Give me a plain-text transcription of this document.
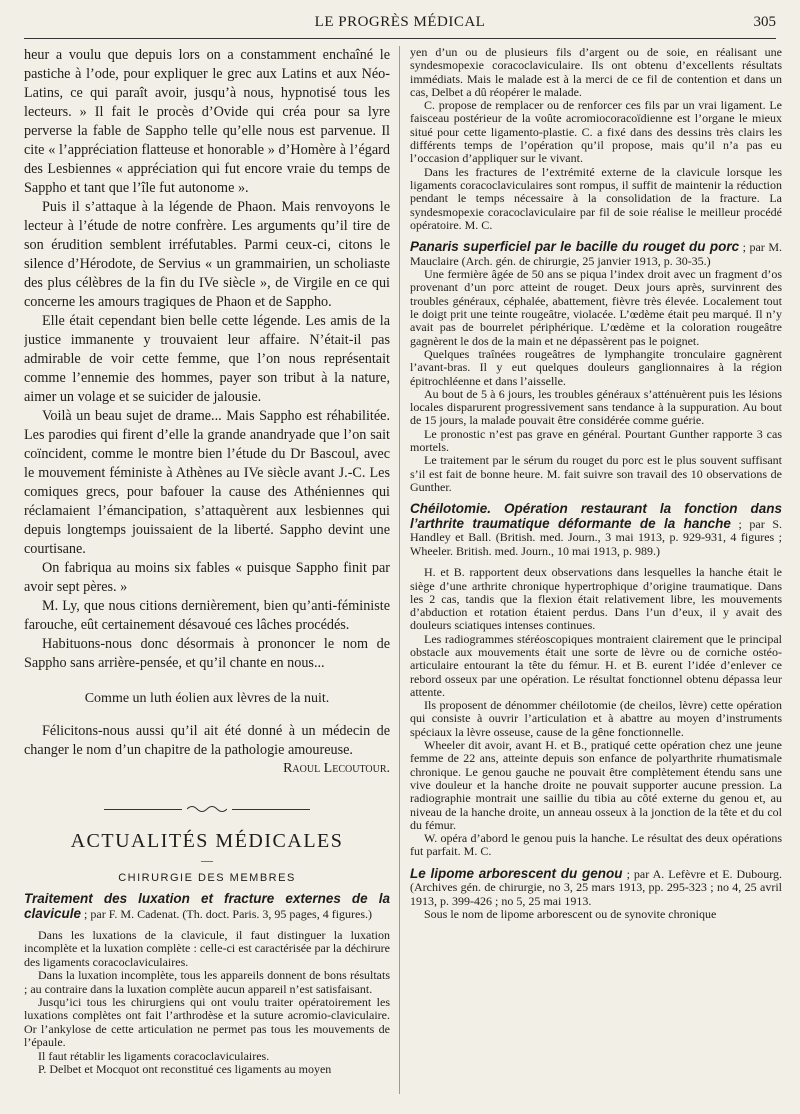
LE PROGRÈS MÉDICAL	305

heur a voulu que depuis lors on a constamment enchaîné le pastiche à l’ode, pour expliquer le grec aux Latins et aux Néo-Latins, ce qui paraît avoir, jusqu’à nous, hypnotisé tous les lecteurs. » Il fait le procès d’Ovide qui créa pour sa lyre perverse la fable de Sappho telle qu’elle nous est parvenue. Il cite « l’appréciation flatteuse et honorable » d’Homère à l’égard des Lesbiennes « appréciation qui fut encore vraie du temps de Sappho et tant que l’île fut autonome ».

Puis il s’attaque à la légende de Phaon. Mais renvoyons le lecteur à l’étude de notre confrère. Les arguments qu’il tire de son érudition semblent irréfutables. Parmi ceux-ci, citons le silence d’Hérodote, de Servius « un grammairien, un scholiaste des plus célèbres de la fin du IVe siècle », de Virgile en ce qui concerne les amours tragiques de Phaon et de Sappho.

Elle était cependant bien belle cette légende. Les amis de la justice immanente y trouvaient leur affaire. N’était-il pas admirable de voir cette femme, que l’on nous représentait comme l’ennemie des hommes, payer son tribut à la nature, aimer un volage et se suicider de jalousie.

Voilà un beau sujet de drame... Mais Sappho est réhabilitée. Les parodies qui firent d’elle la grande anandryade que l’on sait coïncident, comme le montre bien l’étude du Dr Bascoul, avec le mouvement féministe à Athènes au IVe siècle avant J.-C. Les comiques grecs, pour bafouer la cause des Athéniennes qui réclamaient l’émancipation, s’attaquèrent aux lesbiennes qui depuis longtemps jouissaient de la liberté. Sappho devint une courtisane.

On fabriqua au moins six fables « puisque Sappho finit par avoir sept pères. »

M. Ly, que nous citions dernièrement, bien qu’anti-féministe farouche, eût certainement désavoué ces lâches procédés.

Habituons-nous donc désormais à prononcer le nom de Sappho sans arrière-pensée, et qu’il chante en nous...

Comme un luth éolien aux lèvres de la nuit.

Félicitons-nous aussi qu’il ait été donné à un médecin de changer le nom d’un chapitre de la pathologie amoureuse.

Raoul Lecoutour.

ACTUALITÉS MÉDICALES
—
CHIRURGIE DES MEMBRES

Traitement des luxation et fracture externes de la clavicule ; par F. M. Cadenat. (Th. doct. Paris. 3, 95 pages, 4 figures.)

Dans les luxations de la clavicule, il faut distinguer la luxation incomplète et la luxation complète : celle-ci est caractérisée par la déchirure des ligaments coracoclaviculaires.

Dans la luxation incomplète, tous les appareils donnent de bons résultats ; au contraire dans la luxation complète aucun appareil n’est satisfaisant.

Jusqu’ici tous les chirurgiens qui ont voulu traiter opératoirement les luxations complètes ont fait l’arthrodèse et la suture acromio-claviculaire. Or l’ankylose de cette articulation ne permet pas tous les mouvements de l’épaule.

Il faut rétablir les ligaments coracoclaviculaires.

P. Delbet et Mocquot ont reconstitué ces ligaments au moyen

yen d’un ou de plusieurs fils d’argent ou de soie, en réalisant une syndesmopexie coracoclaviculaire. Ils ont obtenu d’excellents résultats immédiats. Mais le malade est à la merci de ce fil de contention et dans un cas, Delbet a dû réopérer le malade.

C. propose de remplacer ou de renforcer ces fils par un vrai ligament. Le faisceau postérieur de la voûte acromiocoracoïdienne est l’organe le mieux situé pour cette ligamento-plastie. C. a fixé dans des dessins très clairs les différents temps de l’opération qu’il propose, mais qu’il n’a pas eu l’occasion d’appliquer sur le vivant.

Dans les fractures de l’extrémité externe de la clavicule lorsque les ligaments coracoclaviculaires sont rompus, il suffit de maintenir la réduction pendant le temps nécessaire à la consolidation de la fracture. La syndesmopexie coracoclaviculaire par fil de soie réalise le meilleur procédé opératoire. M. C.

Panaris superficiel par le bacille du rouget du porc ; par M. Mauclaire (Arch. gén. de chirurgie, 25 janvier 1913, p. 30-35.)

Une fermière âgée de 50 ans se piqua l’index droit avec un fragment d’os provenant d’un porc atteint de rouget. Deux jours après, survinrent des troubles généraux, céphalée, abattement, fièvre très élevée. Localement tout le doigt prit une teinte rougeâtre, violacée. L’œdème était peu marqué. Il n’y avait pas de bourrelet périphérique. L’œdème et la coloration rougeâtre gagnèrent le dos de la main et ne dépassèrent pas le poignet.

Quelques traînées rougeâtres de lymphangite tronculaire gagnèrent l’avant-bras. Il y eut quelques douleurs ganglionnaires à la région épitrochléenne et dans l’aisselle.

Au bout de 5 à 6 jours, les troubles généraux s’atténuèrent puis les lésions locales disparurent progressivement sans tendance à la suppuration. Au bout de 15 jours, la malade pouvait être considérée comme guérie.

Le pronostic n’est pas grave en général. Pourtant Gunther rapporte 3 cas mortels.

Le traitement par le sérum du rouget du porc est le plus souvent suffisant s’il est fait de bonne heure. M. fait suivre son travail des 10 observations de Gunther.

Chéilotomie. Opération restaurant la fonction dans l’arthrite traumatique déformante de la hanche ; par S. Handley et Ball. (British. med. Journ., 3 mai 1913, p. 929-931, 4 figures ; Wheeler. British. med. Journ., 10 mai 1913, p. 989.)

H. et B. rapportent deux observations dans lesquelles la hanche était le siège d’une arthrite chronique hypertrophique d’origine traumatique. Dans les 2 cas, tandis que la flexion était relativement libre, les mouvements d’abduction et rotation étaient perdus. Dans l’un d’eux, il y avait des douleurs sciatiques intenses continues.

Les radiogrammes stéréoscopiques montraient clairement que le principal obstacle aux mouvements était une sorte de lèvre ou de corniche ostéo-articulaire entourant la tête du fémur. H. et B. eurent l’idée d’enlever ce rebord osseux par une opération. Le résultat fonctionnel obtenu dépassa leur attente.

Ils proposent de dénommer chéilotomie (de cheilos, lèvre) cette opération qui consiste à ouvrir l’articulation et à abattre au moyen d’instruments spéciaux la lèvre osseuse, cause de la gêne fonctionnelle.

Wheeler dit avoir, avant H. et B., pratiqué cette opération chez une jeune femme de 22 ans, atteinte depuis son enfance de polyarthrite rhumatismale chronique. Le genou gauche ne pouvait être complètement étendu sans une vive douleur et la hanche droite ne pouvait supporter aucune pression. La radiographie montrait une saillie du tibia au côté externe du genou et, au niveau de la hanche droite, un anneau osseux à la jonction de la tête et du col du fémur.

W. opéra d’abord le genou puis la hanche. Le résultat des deux opérations fut parfait. M. C.

Le lipome arborescent du genou ; par A. Lefèvre et E. Dubourg. (Archives gén. de chirurgie, no 3, 25 mars 1913, pp. 295-323 ; no 4, 25 avril 1913, p. 399-426 ; no 5, 25 mai 1913.

Sous le nom de lipome arborescent ou de synovite chronique
